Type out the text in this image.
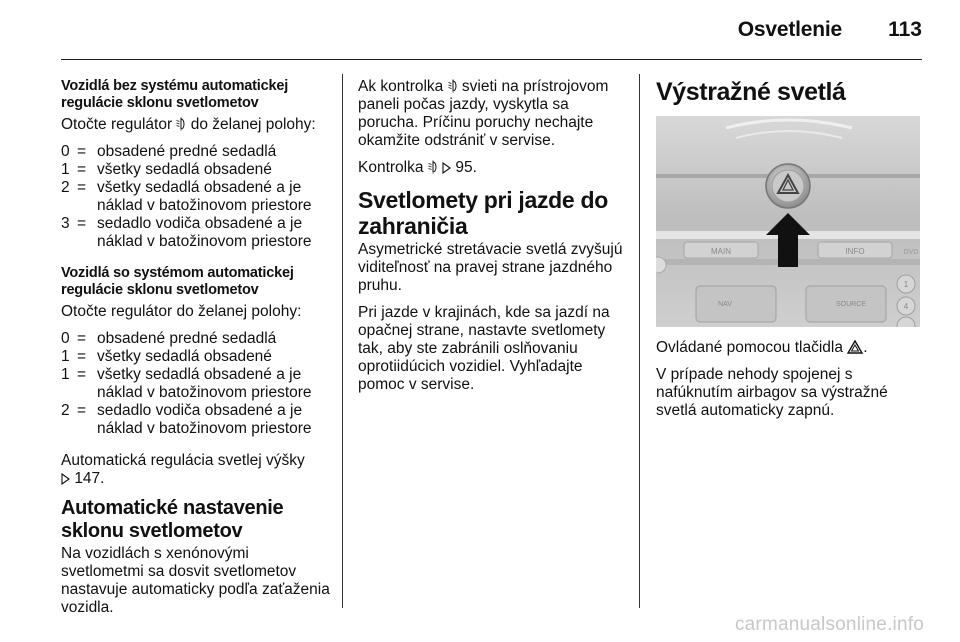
Osvetlenie 113
Vozidlá bez systému automatickej regulácie sklonu svetlometov

Otočte regulátor  do želanej polohy:

0 = obsadené predné sedadlá
1 = všetky sedadlá obsadené
2 = všetky sedadlá obsadené a je náklad v batožinovom priestore
3 = sedadlo vodiča obsadené a je náklad v batožinovom priestore
Vozidlá so systémom automatickej regulácie sklonu svetlometov

Otočte regulátor do želanej polohy:

0 = obsadené predné sedadlá
1 = všetky sedadlá obsadené
1 = všetky sedadlá obsadené a je náklad v batožinovom priestore
2 = sedadlo vodiča obsadené a je náklad v batožinovom priestore

Automatická regulácia svetlej výšky
147.

Automatické nastavenie sklonu svetlometov

Na vozidlách s xenónovými svetlometmi sa dosvit svetlometov nastavuje automaticky podľa zaťaženia vozidla.

Ak kontrolka  svieti na prístrojovom paneli počas jazdy, vyskytla sa porucha. Príčinu poruchy nechajte okamžite odstrániť v servise.

Kontrolka   95.

Svetlomety pri jazde do zahraničia

Asymetrické stretávacie svetlá zvyšujú viditeľnosť na pravej strane jazdného pruhu.

Pri jazde v krajinách, kde sa jazdí na opačnej strane, nastavte svetlomety tak, aby ste zabránili oslňovaniu oprotiidúcich vozidiel. Vyhľadajte pomoc v servise.

Výstražné svetlá
MAIN	INFO	DVD
NAV	SOURCE
1
4

Ovládané pomocou tlačidla .

V prípade nehody spojenej s nafúknutím airbagov sa výstražné svetlá automaticky zapnú.

carmanualsonline.info
